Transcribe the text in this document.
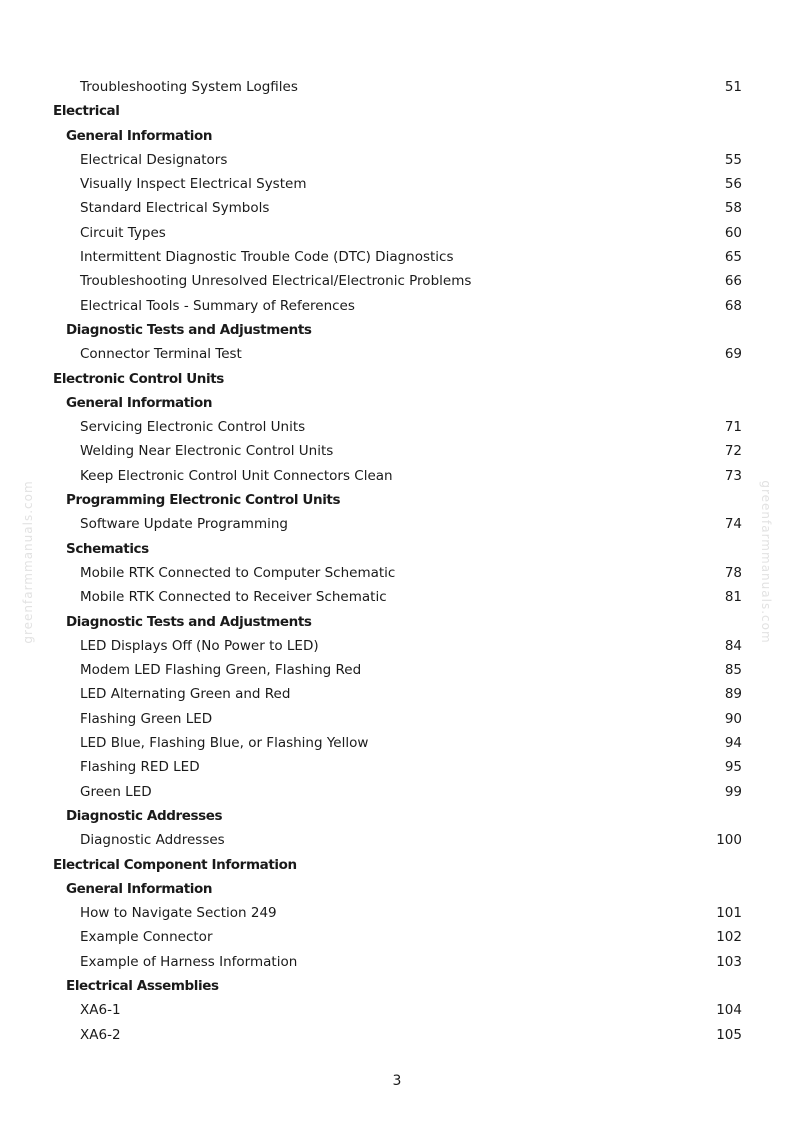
Troubleshooting System Logfiles	51
Electrical
General Information
Electrical Designators	55
Visually Inspect Electrical System	56
Standard Electrical Symbols	58
Circuit Types	60
Intermittent Diagnostic Trouble Code (DTC) Diagnostics	65
Troubleshooting Unresolved Electrical/Electronic Problems	66
Electrical Tools - Summary of References	68
Diagnostic Tests and Adjustments
Connector Terminal Test	69
Electronic Control Units
General Information
Servicing Electronic Control Units	71
Welding Near Electronic Control Units	72
Keep Electronic Control Unit Connectors Clean	73
Programming Electronic Control Units
Software Update Programming	74
Schematics
Mobile RTK Connected to Computer Schematic	78
Mobile RTK Connected to Receiver Schematic	81
Diagnostic Tests and Adjustments
LED Displays Off (No Power to LED)	84
Modem LED Flashing Green, Flashing Red	85
LED Alternating Green and Red	89
Flashing Green LED	90
LED Blue, Flashing Blue, or Flashing Yellow	94
Flashing RED LED	95
Green LED	99
Diagnostic Addresses
Diagnostic Addresses	100
Electrical Component Information
General Information
How to Navigate Section 249	101
Example Connector	102
Example of Harness Information	103
Electrical Assemblies
XA6-1	104
XA6-2	105
greenfarmmanuals.com	greenfarmmanuals.com
3
